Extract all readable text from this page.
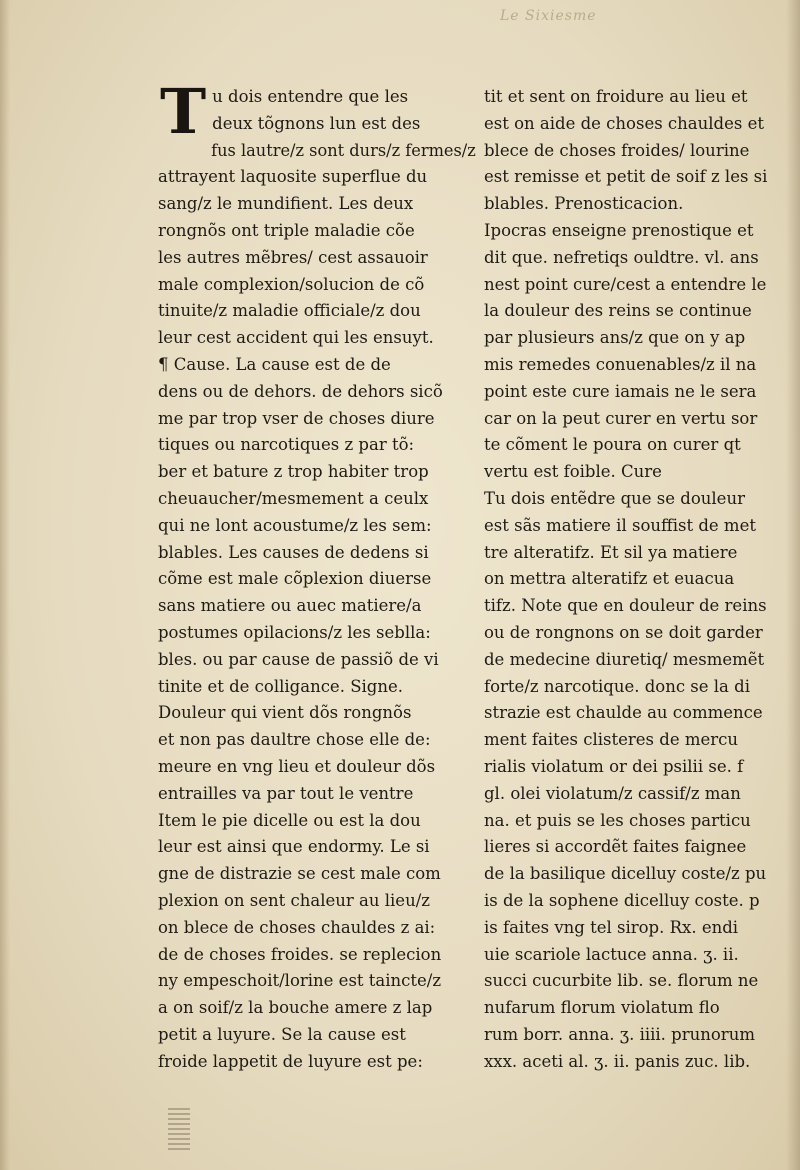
Le Sixiesme
T u dois entendre que les
deux tõgnons lun est des
fus lautre/z sont durs/z fermes/z
attrayent laquosite superflue du
sang/z le mundifient. Les deux
rongnõs ont triple maladie cõe
les autres mẽbres/ cest assauoir
male complexion/solucion de cõ
tinuite/z maladie officiale/z dou
leur cest accident qui les ensuyt.
¶ Cause. La cause est de de
dens ou de dehors. de dehors sicõ
me par trop vser de choses diure
tiques ou narcotiques z par tõ:
ber et bature z trop habiter trop
cheuaucher/mesmement a ceulx
qui ne lont acoustume/z les sem:
blables. Les causes de dedens si
cõme est male cõplexion diuerse
sans matiere ou auec matiere/a
postumes opilacions/z les seblla:
bles. ou par cause de passiõ de vi
tinite et de colligance. Signe.
Douleur qui vient dõs rongnõs
et non pas daultre chose elle de:
meure en vng lieu et douleur dõs
entrailles va par tout le ventre
Item le pie dicelle ou est la dou
leur est ainsi que endormy. Le si
gne de distrazie se cest male com
plexion on sent chaleur au lieu/z
on blece de choses chauldes z ai:
de de choses froides. se replecion
ny empeschoit/lorine est taincte/z
a on soif/z la bouche amere z lap
petit a luyure. Se la cause est
froide lappetit de luyure est pe:
tit et sent on froidure au lieu et
est on aide de choses chauldes et
blece de choses froides/ lourine
est remisse et petit de soif z les si
blables. Prenosticacion.
Ipocras enseigne prenostique et
dit que. nefretiqs ouldtre. vl. ans
nest point cure/cest a entendre le
la douleur des reins se continue
par plusieurs ans/z que on y ap
mis remedes conuenables/z il na
point este cure iamais ne le sera
car on la peut curer en vertu sor
te cõment le poura on curer qt
vertu est foible. Cure
Tu dois entẽdre que se douleur
est sãs matiere il souffist de met
tre alteratifz. Et sil ya matiere
on mettra alteratifz et euacua
tifz. Note que en douleur de reins
ou de rongnons on se doit garder
de medecine diuretiq/ mesmemẽt
forte/z narcotique. donc se la di
strazie est chaulde au commence
ment faites clisteres de mercu
rialis violatum or dei psilii se. f
gl. olei violatum/z cassif/z man
na. et puis se les choses particu
lieres si accordẽt faites faignee
de la basilique dicelluy coste/z pu
is de la sophene dicelluy coste. p
is faites vng tel sirop. Rx. endi
uie scariole lactuce anna. ʒ. ii.
succi cucurbite lib. se. florum ne
nufarum florum violatum flo
rum borr. anna. ʒ. iiii. prunorum
xxx. aceti al. ʒ. ii. panis zuc. lib.
